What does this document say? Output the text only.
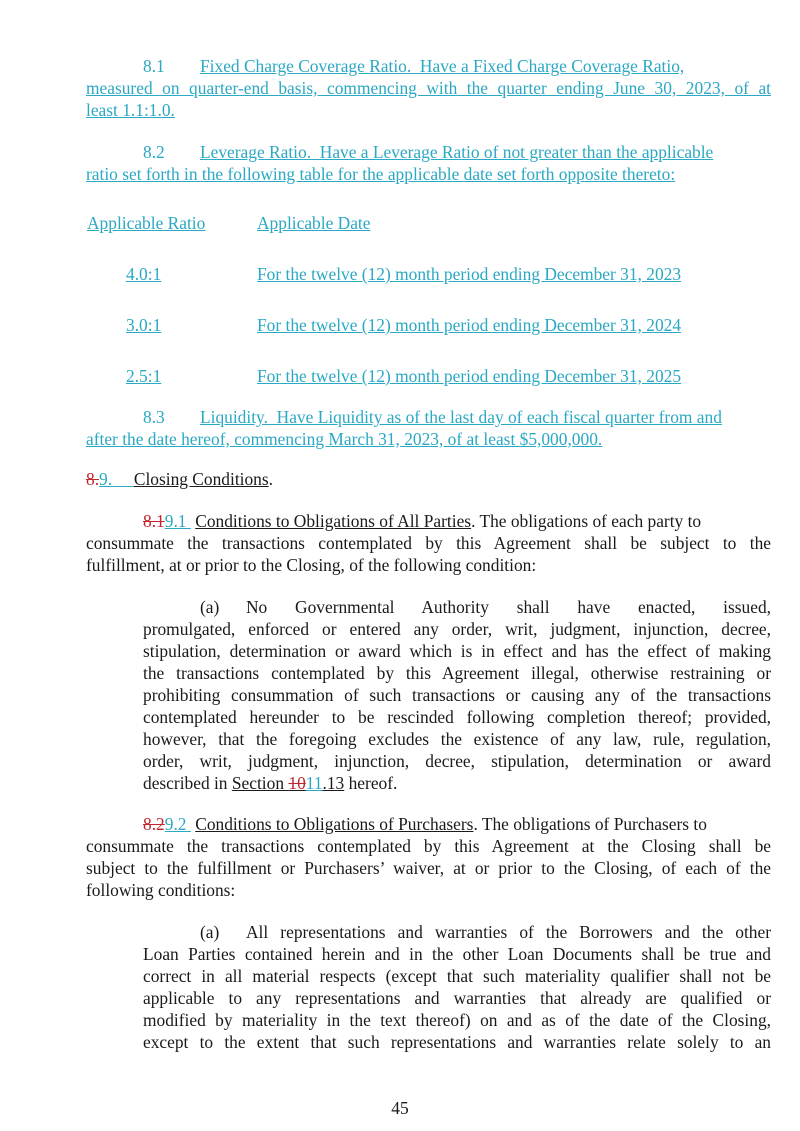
8.1 Fixed Charge Coverage Ratio. Have a Fixed Charge Coverage Ratio,
measured on quarter-end basis, commencing with the quarter ending June 30, 2023, of at
least 1.1:1.0.
8.2 Leverage Ratio. Have a Leverage Ratio of not greater than the applicable
ratio set forth in the following table for the applicable date set forth opposite thereto:
Applicable Ratio	Applicable Date
4.0:1	For the twelve (12) month period ending December 31, 2023
3.0:1	For the twelve (12) month period ending December 31, 2024
2.5:1	For the twelve (12) month period ending December 31, 2025
8.3 Liquidity. Have Liquidity as of the last day of each fiscal quarter from and
after the date hereof, commencing March 31, 2023, of at least $5,000,000.
8.9. Closing Conditions.
8.19.1 Conditions to Obligations of All Parties. The obligations of each party to
consummate the transactions contemplated by this Agreement shall be subject to the
fulfillment, at or prior to the Closing, of the following condition:
(a) No Governmental Authority shall have enacted, issued,
promulgated, enforced or entered any order, writ, judgment, injunction, decree,
stipulation, determination or award which is in effect and has the effect of making
the transactions contemplated by this Agreement illegal, otherwise restraining or
prohibiting consummation of such transactions or causing any of the transactions
contemplated hereunder to be rescinded following completion thereof; provided,
however, that the foregoing excludes the existence of any law, rule, regulation,
order, writ, judgment, injunction, decree, stipulation, determination or award
described in Section 1011.13 hereof.
8.29.2 Conditions to Obligations of Purchasers. The obligations of Purchasers to
consummate the transactions contemplated by this Agreement at the Closing shall be
subject to the fulfillment or Purchasers’ waiver, at or prior to the Closing, of each of the
following conditions:
(a) All representations and warranties of the Borrowers and the other
Loan Parties contained herein and in the other Loan Documents shall be true and
correct in all material respects (except that such materiality qualifier shall not be
applicable to any representations and warranties that already are qualified or
modified by materiality in the text thereof) on and as of the date of the Closing,
except to the extent that such representations and warranties relate solely to an
45
